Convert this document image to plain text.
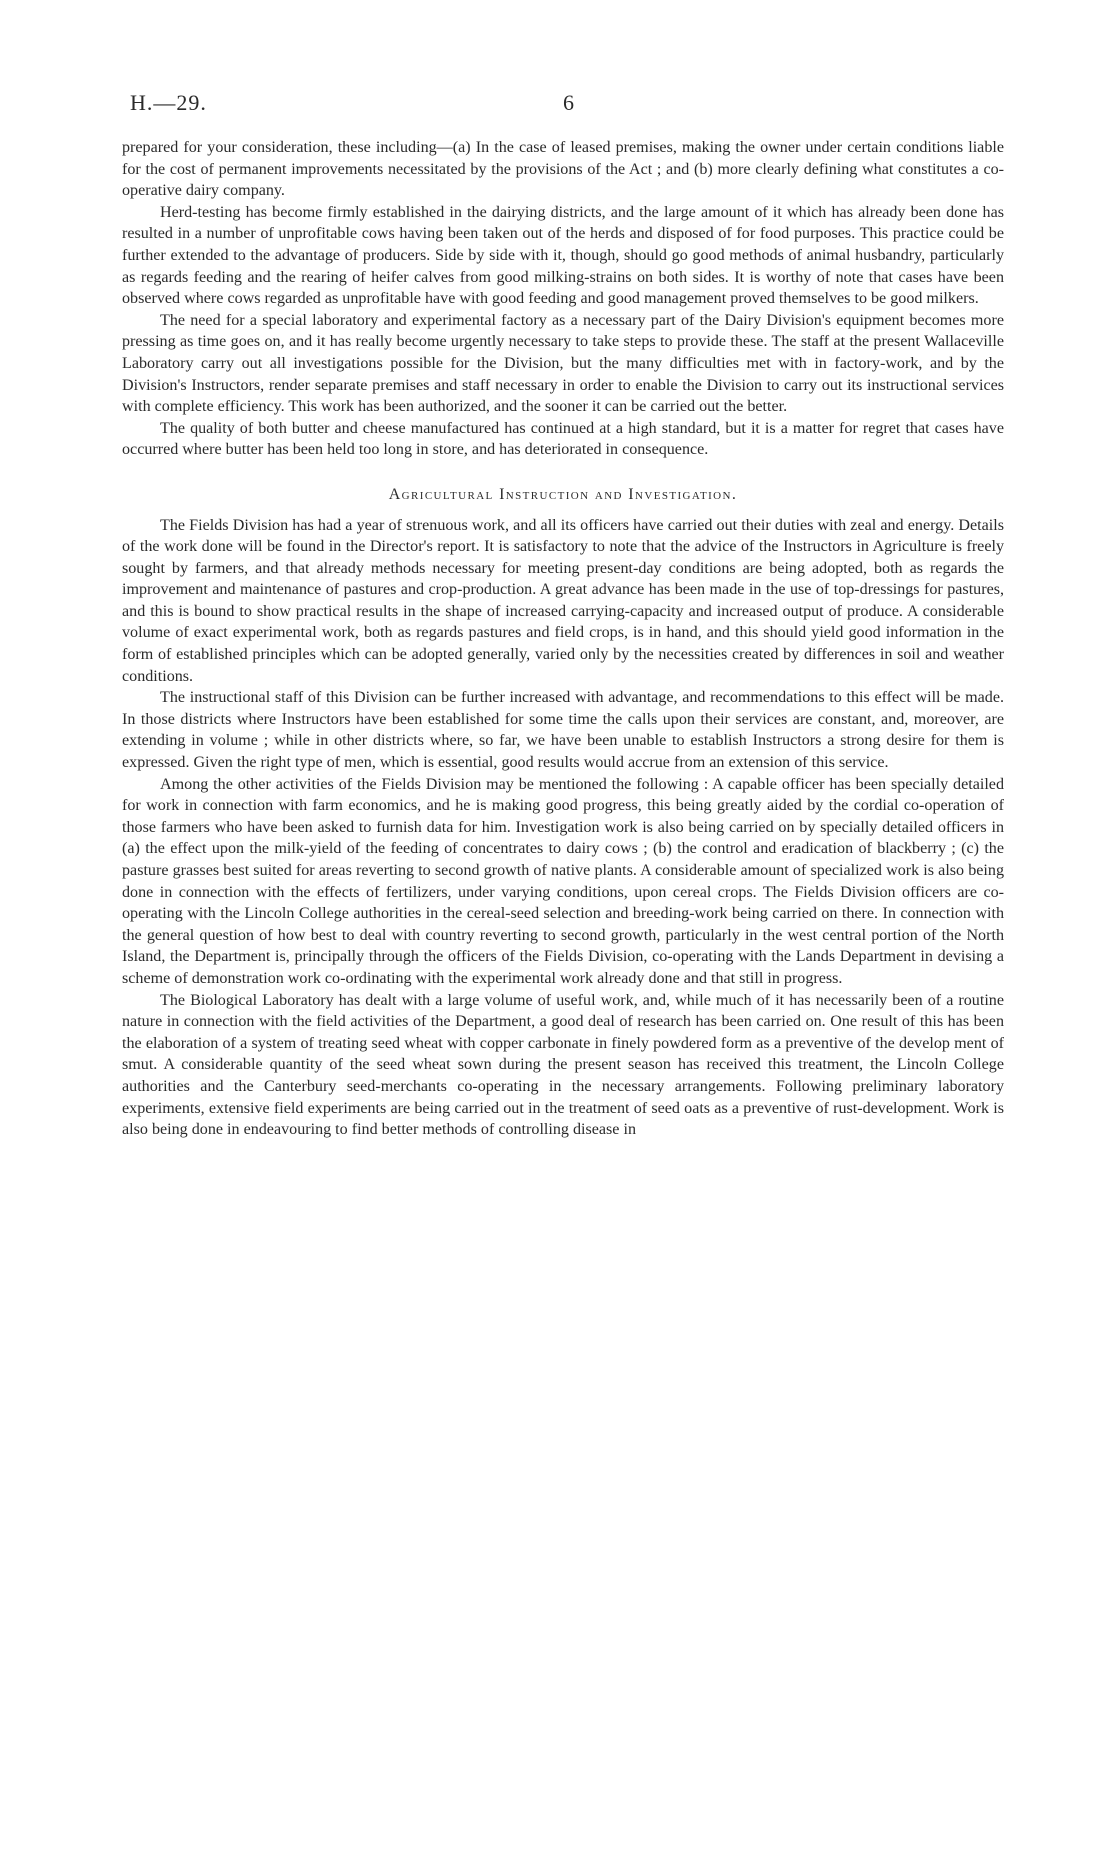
H.—29.	6

prepared for your consideration, these including—(a) In the case of leased premises, making the owner under certain conditions liable for the cost of permanent improvements necessitated by the provisions of the Act ; and (b) more clearly defining what constitutes a co-operative dairy company.

Herd-testing has become firmly established in the dairying districts, and the large amount of it which has already been done has resulted in a number of unprofitable cows having been taken out of the herds and disposed of for food purposes. This practice could be further extended to the advantage of producers. Side by side with it, though, should go good methods of animal husbandry, particularly as regards feeding and the rearing of heifer calves from good milking-strains on both sides. It is worthy of note that cases have been observed where cows regarded as unprofitable have with good feeding and good management proved themselves to be good milkers.

The need for a special laboratory and experimental factory as a necessary part of the Dairy Division's equipment becomes more pressing as time goes on, and it has really become urgently necessary to take steps to provide these. The staff at the present Wallaceville Laboratory carry out all investigations possible for the Division, but the many difficulties met with in factory-work, and by the Division's Instructors, render separate premises and staff necessary in order to enable the Division to carry out its instructional services with complete efficiency. This work has been authorized, and the sooner it can be carried out the better.

The quality of both butter and cheese manufactured has continued at a high standard, but it is a matter for regret that cases have occurred where butter has been held too long in store, and has deteriorated in consequence.

Agricultural Instruction and Investigation.

The Fields Division has had a year of strenuous work, and all its officers have carried out their duties with zeal and energy. Details of the work done will be found in the Director's report. It is satisfactory to note that the advice of the Instructors in Agriculture is freely sought by farmers, and that already methods necessary for meeting present-day conditions are being adopted, both as regards the improvement and maintenance of pastures and crop-production. A great advance has been made in the use of top-dressings for pastures, and this is bound to show practical results in the shape of increased carrying-capacity and increased output of produce. A considerable volume of exact experimental work, both as regards pastures and field crops, is in hand, and this should yield good information in the form of established principles which can be adopted generally, varied only by the necessities created by differences in soil and weather conditions.

The instructional staff of this Division can be further increased with advantage, and recommendations to this effect will be made. In those districts where Instructors have been established for some time the calls upon their services are constant, and, moreover, are extending in volume ; while in other districts where, so far, we have been unable to establish Instructors a strong desire for them is expressed. Given the right type of men, which is essential, good results would accrue from an extension of this service.

Among the other activities of the Fields Division may be mentioned the following : A capable officer has been specially detailed for work in connection with farm economics, and he is making good progress, this being greatly aided by the cordial co-operation of those farmers who have been asked to furnish data for him. Investigation work is also being carried on by specially detailed officers in (a) the effect upon the milk-yield of the feeding of concentrates to dairy cows ; (b) the control and eradication of blackberry ; (c) the pasture grasses best suited for areas reverting to second growth of native plants. A considerable amount of specialized work is also being done in connection with the effects of fertilizers, under varying conditions, upon cereal crops. The Fields Division officers are co-operating with the Lincoln College authorities in the cereal-seed selection and breeding-work being carried on there. In connection with the general question of how best to deal with country reverting to second growth, particularly in the west central portion of the North Island, the Department is, principally through the officers of the Fields Division, co-operating with the Lands Department in devising a scheme of demonstration work co-ordinating with the experimental work already done and that still in progress.

The Biological Laboratory has dealt with a large volume of useful work, and, while much of it has necessarily been of a routine nature in connection with the field activities of the Department, a good deal of research has been carried on. One result of this has been the elaboration of a system of treating seed wheat with copper carbonate in finely powdered form as a preventive of the develop ment of smut. A considerable quantity of the seed wheat sown during the present season has received this treatment, the Lincoln College authorities and the Canterbury seed-merchants co-operating in the necessary arrangements. Following preliminary laboratory experiments, extensive field experiments are being carried out in the treatment of seed oats as a preventive of rust-development. Work is also being done in endeavouring to find better methods of controlling disease in
